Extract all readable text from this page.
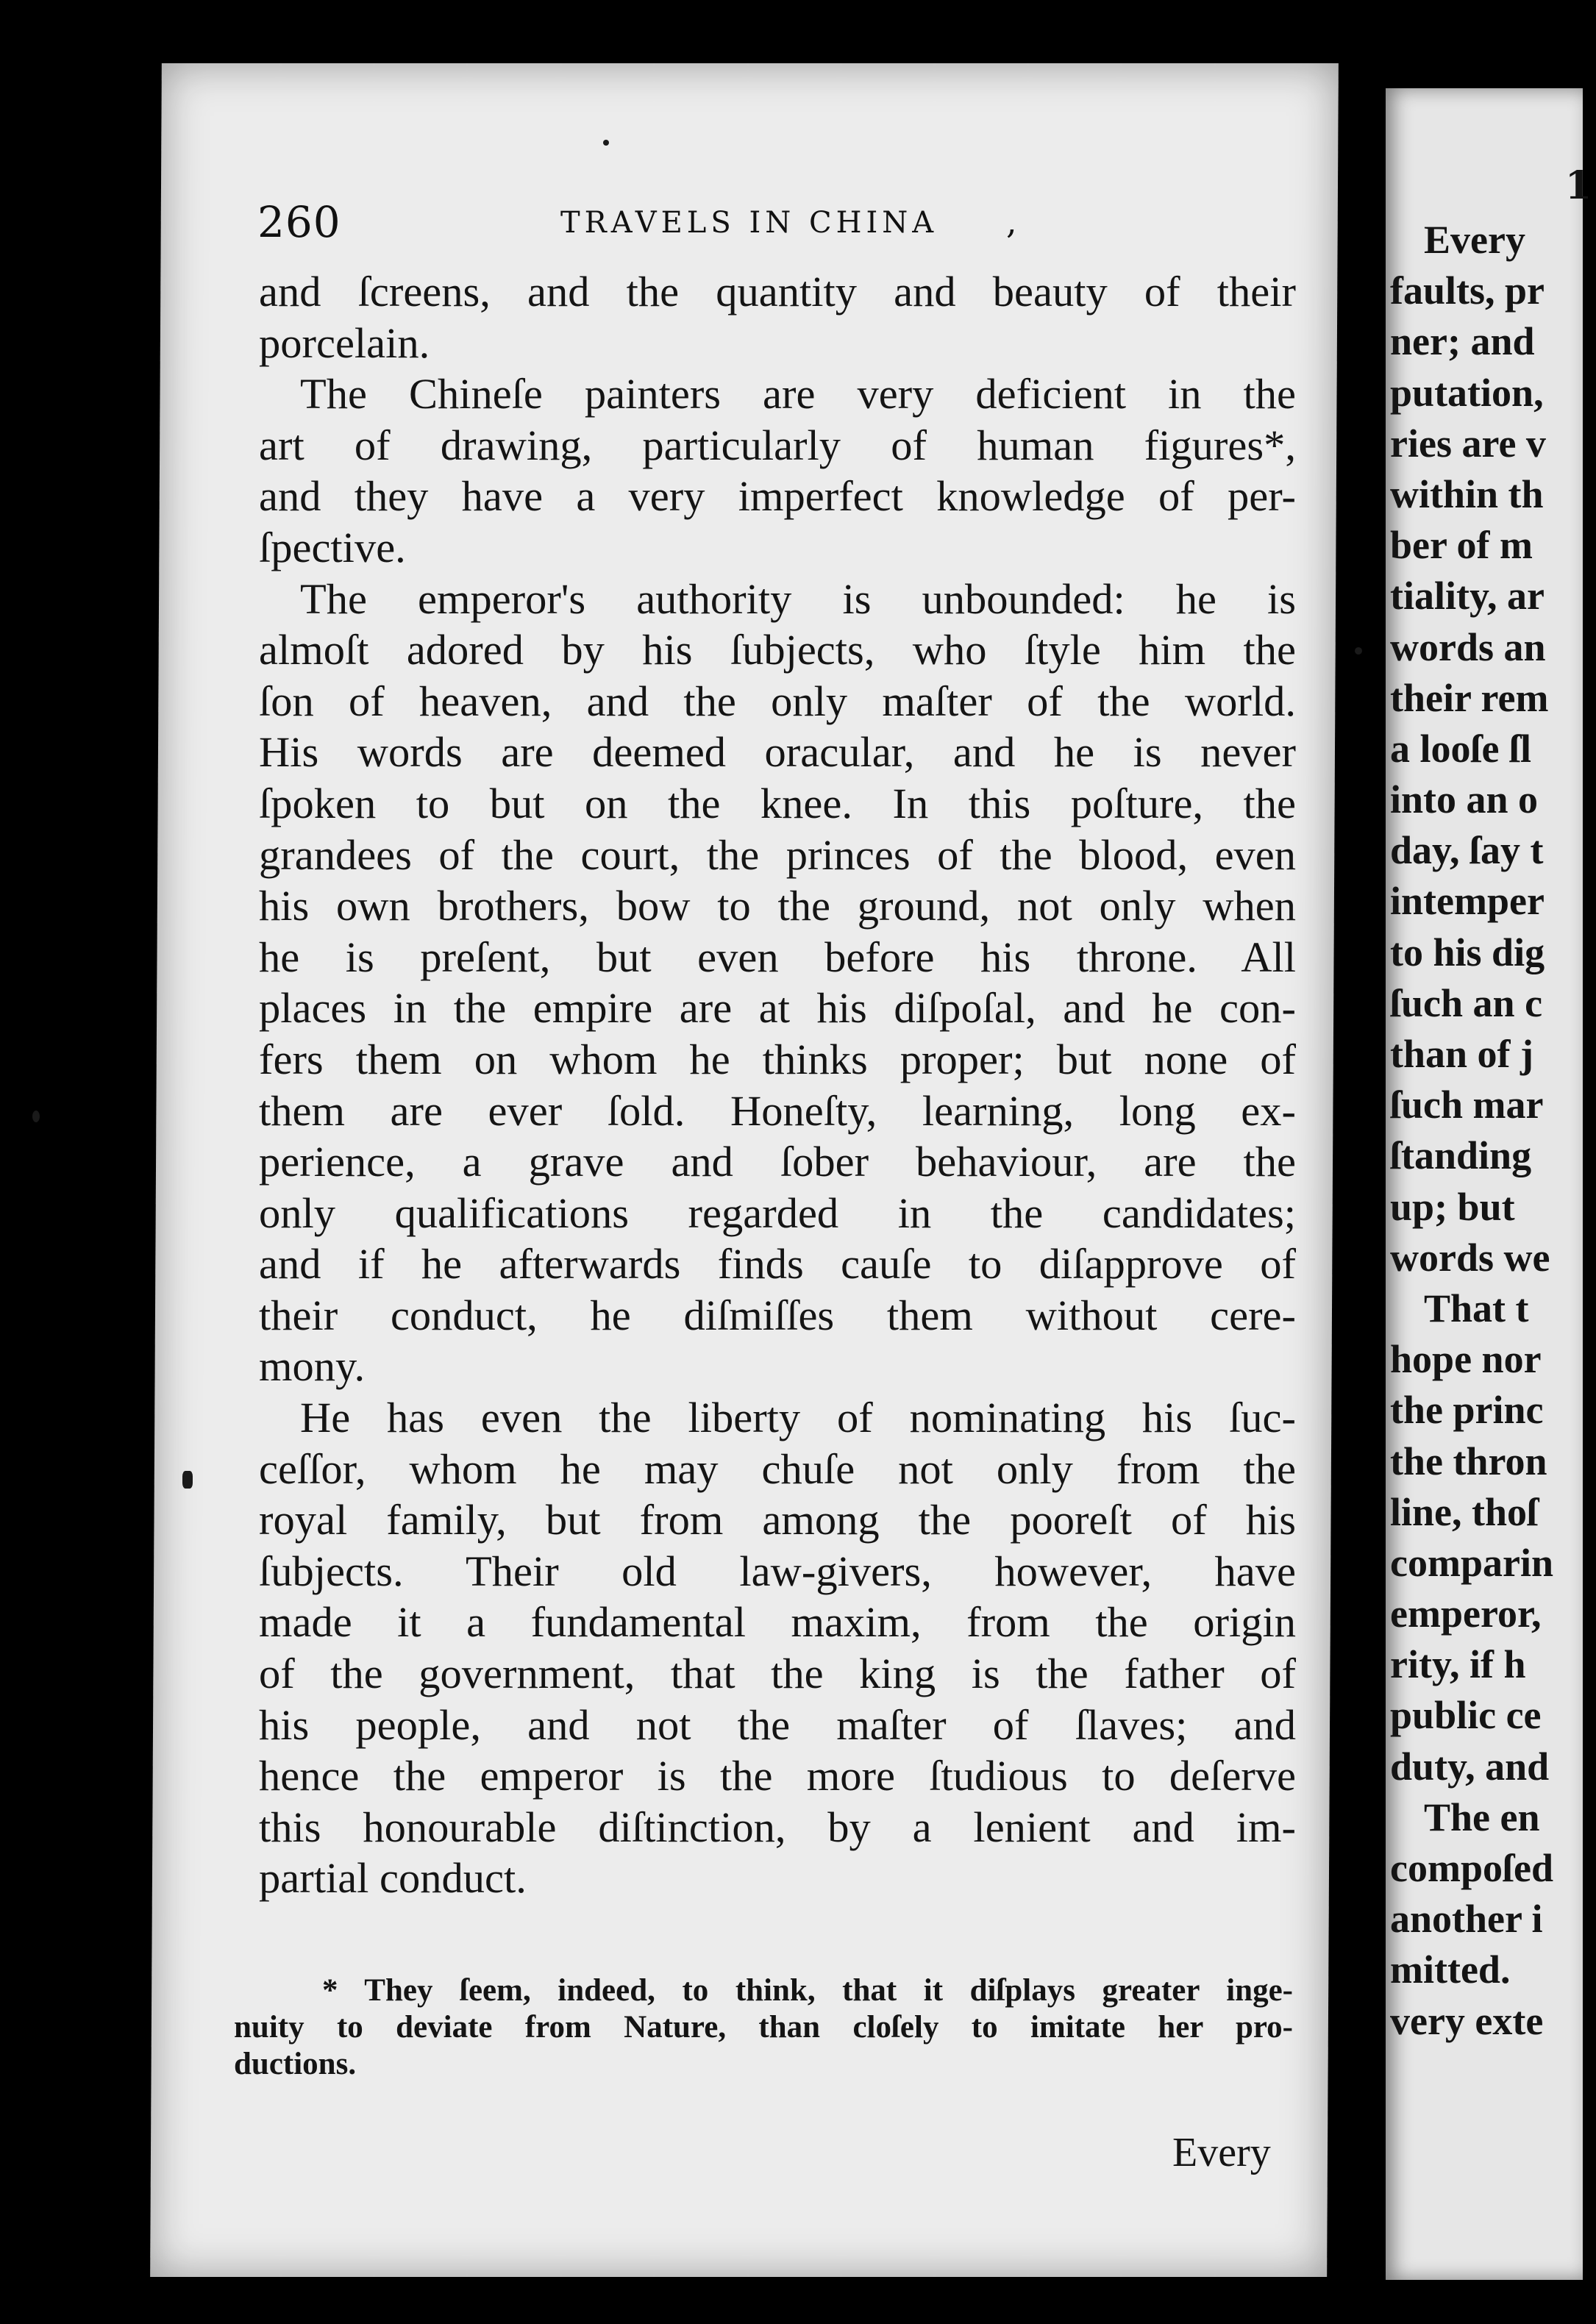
260	TRAVELS IN CHINA ,
and ſcreens, and the quantity and beauty of their
porcelain.
The Chineſe painters are very deficient in the
art of drawing, particularly of human figures*,
and they have a very imperfect knowledge of per-
ſpective.
The emperor's authority is unbounded: he is
almoſt adored by his ſubjects, who ſtyle him the
ſon of heaven, and the only maſter of the world.
His words are deemed oracular, and he is never
ſpoken to but on the knee. In this poſture, the
grandees of the court, the princes of the blood, even
his own brothers, bow to the ground, not only when
he is preſent, but even before his throne. All
places in the empire are at his diſpoſal, and he con-
fers them on whom he thinks proper; but none of
them are ever ſold. Honeſty, learning, long ex-
perience, a grave and ſober behaviour, are the
only qualifications regarded in the candidates;
and if he afterwards finds cauſe to diſapprove of
their conduct, he diſmiſſes them without cere-
mony.
He has even the liberty of nominating his ſuc-
ceſſor, whom he may chuſe not only from the
royal family, but from among the pooreſt of his
ſubjects. Their old law-givers, however, have
made it a fundamental maxim, from the origin
of the government, that the king is the father of
his people, and not the maſter of ſlaves; and
hence the emperor is the more ſtudious to deſerve
this honourable diſtinction, by a lenient and im-
partial conduct.
* They ſeem, indeed, to think, that it diſplays greater inge-
nuity to deviate from Nature, than cloſely to imitate her pro-
ductions.
Every
1
Every
faults, pr
ner; and
putation,
ries are v
within th
ber of m
tiality, ar
words an
their rem
a looſe ſl
into an o
day, ſay t
intemper
to his dig
ſuch an c
than of j
ſuch mar
ſtanding
up; but
words we
That t
hope nor
the princ
the thron
line, thoſ
comparin
emperor,
rity, if h
public ce
duty, and
The en
compoſed
another i
mitted.
very exte
